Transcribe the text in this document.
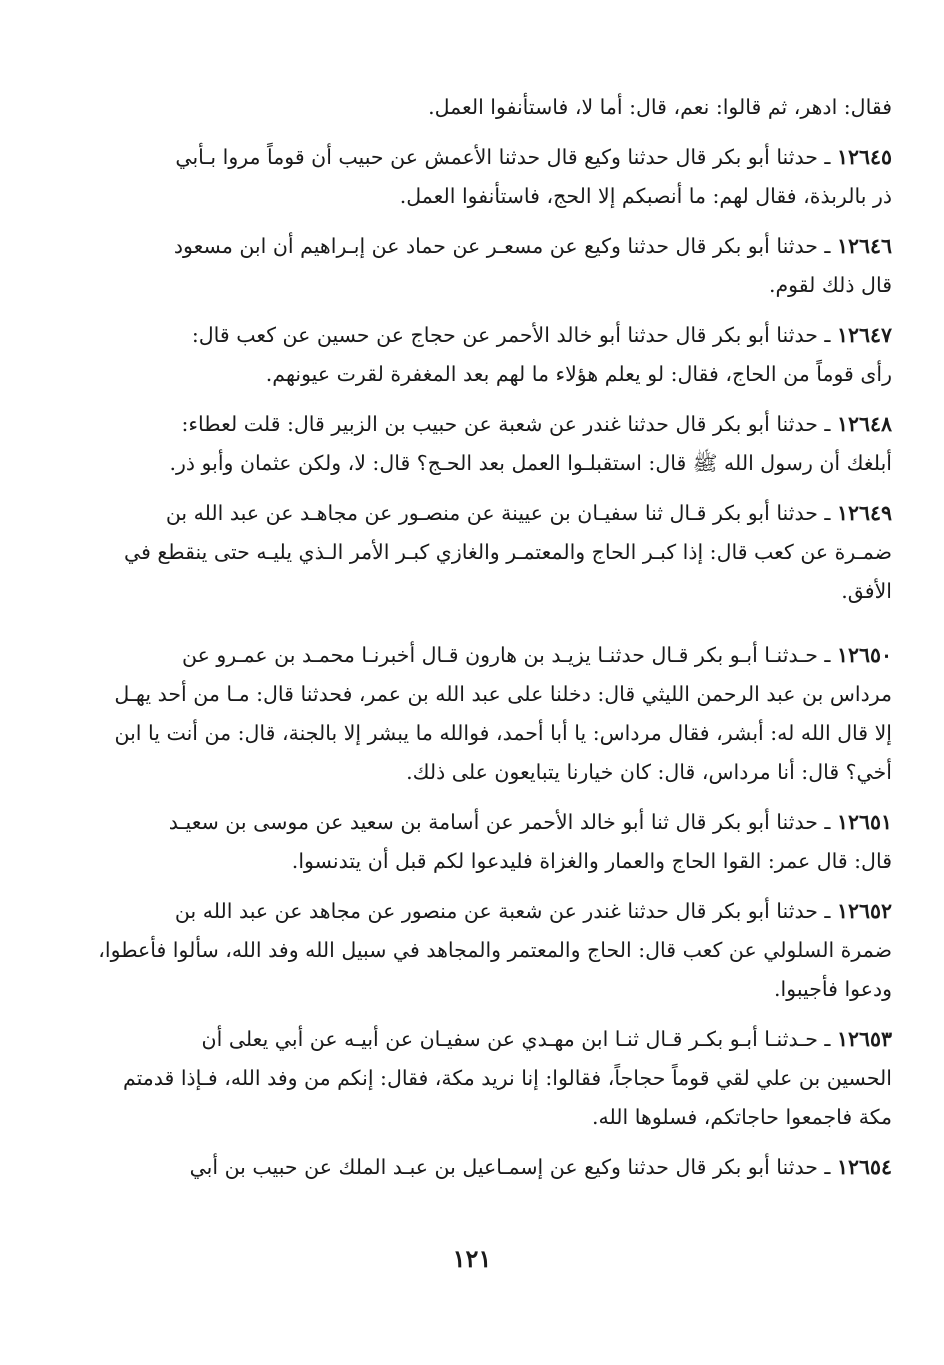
فقال: ادهر، ثم قالوا: نعم، قال: أما لا، فاستأنفوا العمل.
١٢٦٤٥ ـ حدثنا أبو بكر قال حدثنا وكيع قال حدثنا الأعمش عن حبيب أن قوماً مروا بـأبي
ذر بالربذة، فقال لهم: ما أنصبكم إلا الحج، فاستأنفوا العمل.
١٢٦٤٦ ـ حدثنا أبو بكر قال حدثنا وكيع عن مسعـر عن حماد عن إبـراهيم أن ابن مسعود
قال ذلك لقوم.
١٢٦٤٧ ـ حدثنا أبو بكر قال حدثنا أبو خالد الأحمر عن حجاج عن حسين عن كعب قال:
رأى قوماً من الحاج، فقال: لو يعلم هؤلاء ما لهم بعد المغفرة لقرت عيونهم.
١٢٦٤٨ ـ حدثنا أبو بكر قال حدثنا غندر عن شعبة عن حبيب بن الزبير قال: قلت لعطاء:
أبلغك أن رسول الله ﷺ قال: استقبلـوا العمل بعد الحـج؟ قال: لا، ولكن عثمان وأبو ذر.
١٢٦٤٩ ـ حدثنا أبو بكر قـال ثنا سفيـان بن عيينة عن منصـور عن مجاهـد عن عبد الله بن
ضمـرة عن كعب قال: إذا كبـر الحاج والمعتمـر والغازي كبـر الأمر الـذي يليـه حتى ينقطع في
الأفق.
١٢٦٥٠ ـ حـدثنـا أبـو بكر قـال حدثنـا يزيـد بن هارون قـال أخبرنـا محمـد بن عمـرو عن
مرداس بن عبد الرحمن الليثي قال: دخلنا على عبد الله بن عمر، فحدثنا قال: مـا من أحد يهـل
إلا قال الله له: أبشر، فقال مرداس: يا أبا أحمد، فوالله ما يبشر إلا بالجنة، قال: من أنت يا ابن
أخي؟ قال: أنا مرداس، قال: كان خيارنا يتبايعون على ذلك.
١٢٦٥١ ـ حدثنا أبو بكر قال ثنا أبو خالد الأحمر عن أسامة بن سعيد عن موسى بن سعيـد
قال: قال عمر: القوا الحاج والعمار والغزاة فليدعوا لكم قبل أن يتدنسوا.
١٢٦٥٢ ـ حدثنا أبو بكر قال حدثنا غندر عن شعبة عن منصور عن مجاهد عن عبد الله بن
ضمرة السلولي عن كعب قال: الحاج والمعتمر والمجاهد في سبيل الله وفد الله، سألوا فأعطوا،
ودعوا فأجيبوا.
١٢٦٥٣ ـ حـدثنـا أبـو بكـر قـال ثنـا ابن مهـدي عن سفيـان عن أبيـه عن أبي يعلى أن
الحسين بن علي لقي قوماً حجاجاً، فقالوا: إنا نريد مكة، فقال: إنكم من وفد الله، فـإذا قدمتم
مكة فاجمعوا حاجاتكم، فسلوها الله.
١٢٦٥٤ ـ حدثنا أبو بكر قال حدثنا وكيع عن إسمـاعيل بن عبـد الملك عن حبيب بن أبي
١٢١
